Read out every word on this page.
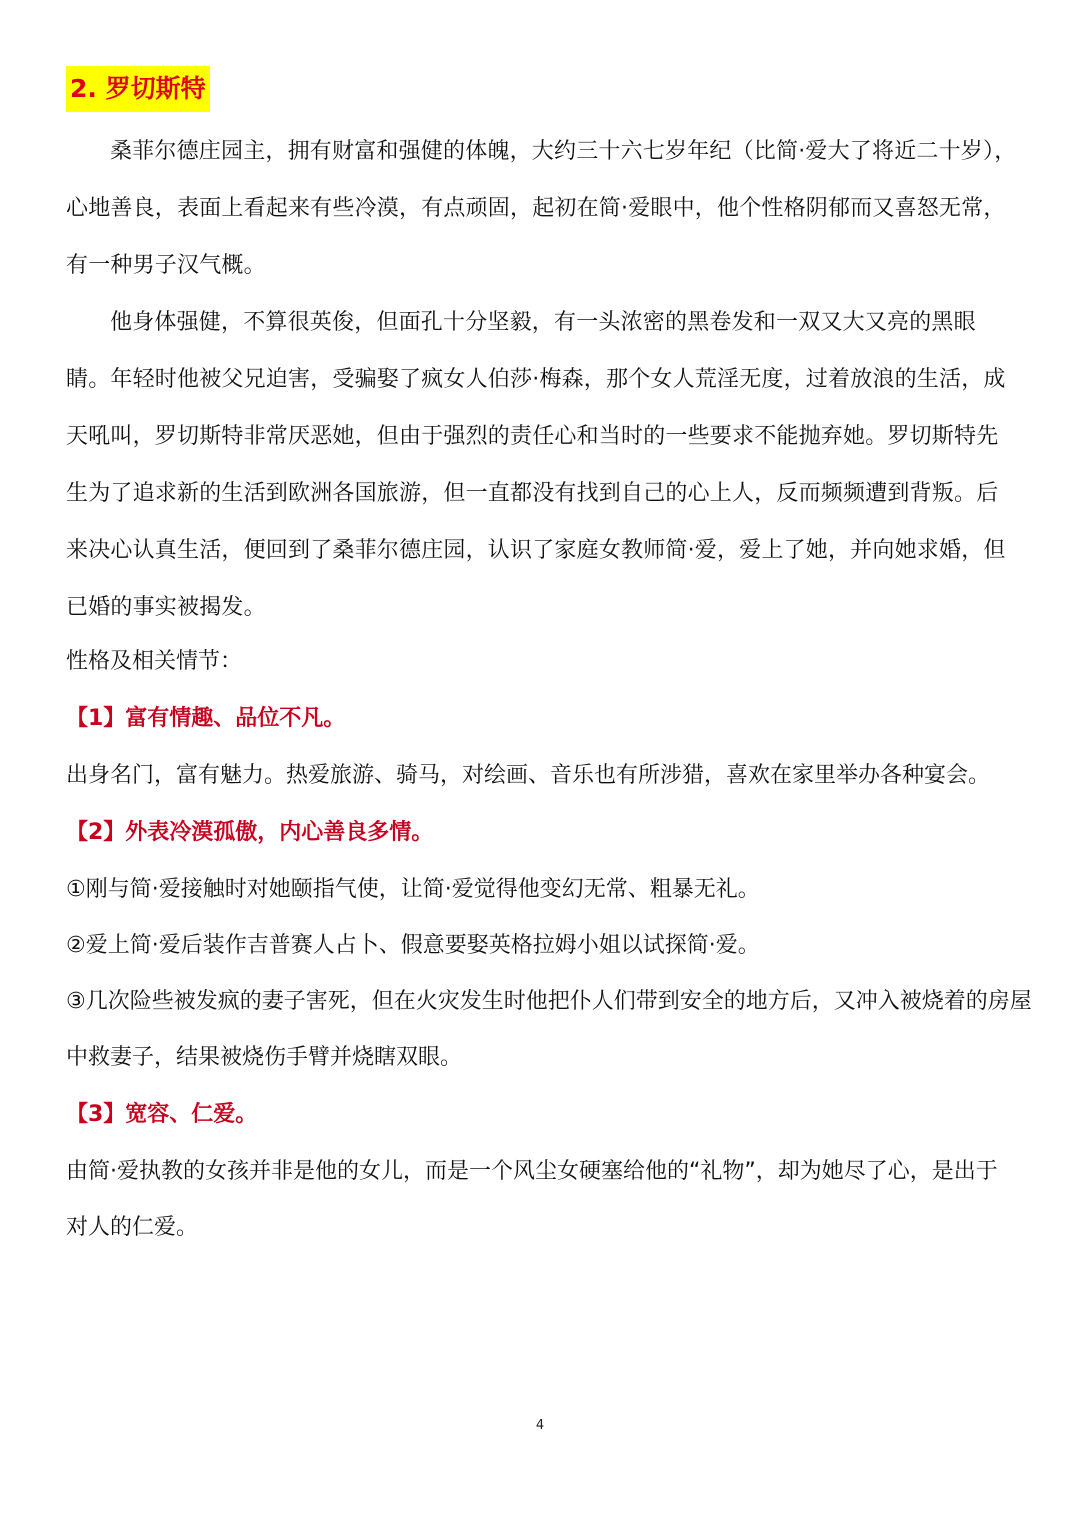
2. 罗切斯特

桑菲尔德庄园主，拥有财富和强健的体魄，大约三十六七岁年纪（比简·爱大了将近二十岁），心地善良，表面上看起来有些冷漠，有点顽固，起初在简·爱眼中，他个性格阴郁而又喜怒无常，有一种男子汉气概。

他身体强健，不算很英俊，但面孔十分坚毅，有一头浓密的黑卷发和一双又大又亮的黑眼睛。年轻时他被父兄迫害，受骗娶了疯女人伯莎·梅森，那个女人荒淫无度，过着放浪的生活，成天吼叫，罗切斯特非常厌恶她，但由于强烈的责任心和当时的一些要求不能抛弃她。罗切斯特先生为了追求新的生活到欧洲各国旅游，但一直都没有找到自己的心上人，反而频频遭到背叛。后来决心认真生活，便回到了桑菲尔德庄园，认识了家庭女教师简·爱，爱上了她，并向她求婚，但已婚的事实被揭发。

性格及相关情节：
【1】富有情趣、品位不凡。
出身名门，富有魅力。热爱旅游、骑马，对绘画、音乐也有所涉猎，喜欢在家里举办各种宴会。
【2】外表冷漠孤傲，内心善良多情。
①刚与简·爱接触时对她颐指气使，让简·爱觉得他变幻无常、粗暴无礼。
②爱上简·爱后装作吉普赛人占卜、假意要娶英格拉姆小姐以试探简·爱。
③几次险些被发疯的妻子害死，但在火灾发生时他把仆人们带到安全的地方后，又冲入被烧着的房屋
中救妻子，结果被烧伤手臂并烧瞎双眼。
【3】宽容、仁爱。
由简·爱执教的女孩并非是他的女儿，而是一个风尘女硬塞给他的“礼物”，却为她尽了心，是出于
对人的仁爱。
4
